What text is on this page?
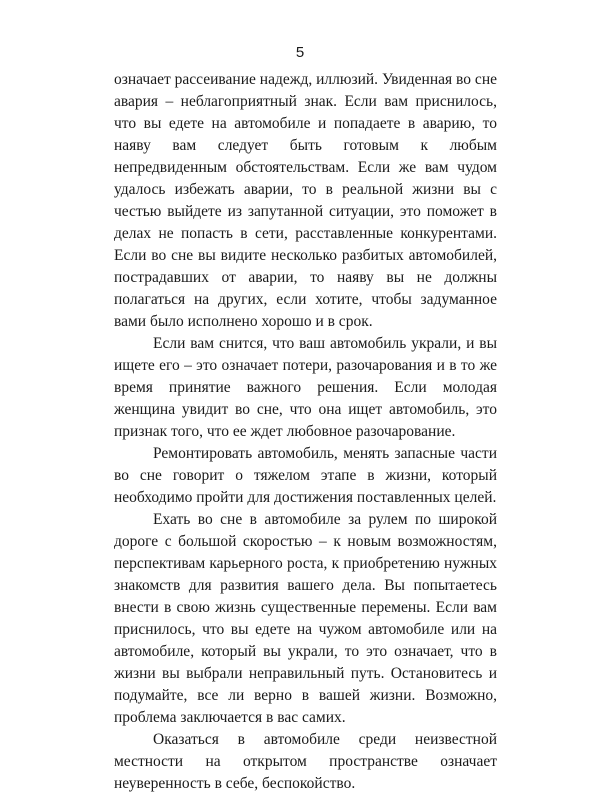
5

означает рассеивание надежд, иллюзий. Увиденная во сне авария – неблагоприятный знак. Если вам приснилось, что вы едете на автомобиле и попадаете в аварию, то наяву вам следует быть готовым к любым непредвиденным обстоятельствам. Если же вам чудом удалось избежать аварии, то в реальной жизни вы с честью выйдете из запутанной ситуации, это поможет в делах не попасть в сети, расставленные конкурентами. Если во сне вы видите несколько разбитых автомобилей, пострадавших от аварии, то наяву вы не должны полагаться на других, если хотите, чтобы задуманное вами было исполнено хорошо и в срок.

Если вам снится, что ваш автомобиль украли, и вы ищете его – это означает потери, разочарования и в то же время принятие важного решения. Если молодая женщина увидит во сне, что она ищет автомобиль, это признак того, что ее ждет любовное разочарование.

Ремонтировать автомобиль, менять запасные части во сне говорит о тяжелом этапе в жизни, который необходимо пройти для достижения поставленных целей.

Ехать во сне в автомобиле за рулем по широкой дороге с большой скоростью – к новым возможностям, перспективам карьерного роста, к приобретению нужных знакомств для развития вашего дела. Вы попытаетесь внести в свою жизнь существенные перемены. Если вам приснилось, что вы едете на чужом автомобиле или на автомобиле, который вы украли, то это означает, что в жизни вы выбрали неправильный путь. Остановитесь и подумайте, все ли верно в вашей жизни. Возможно, проблема заключается в вас самих.

Оказаться в автомобиле среди неизвестной местности на открытом пространстве означает неуверенность в себе, беспокойство.
